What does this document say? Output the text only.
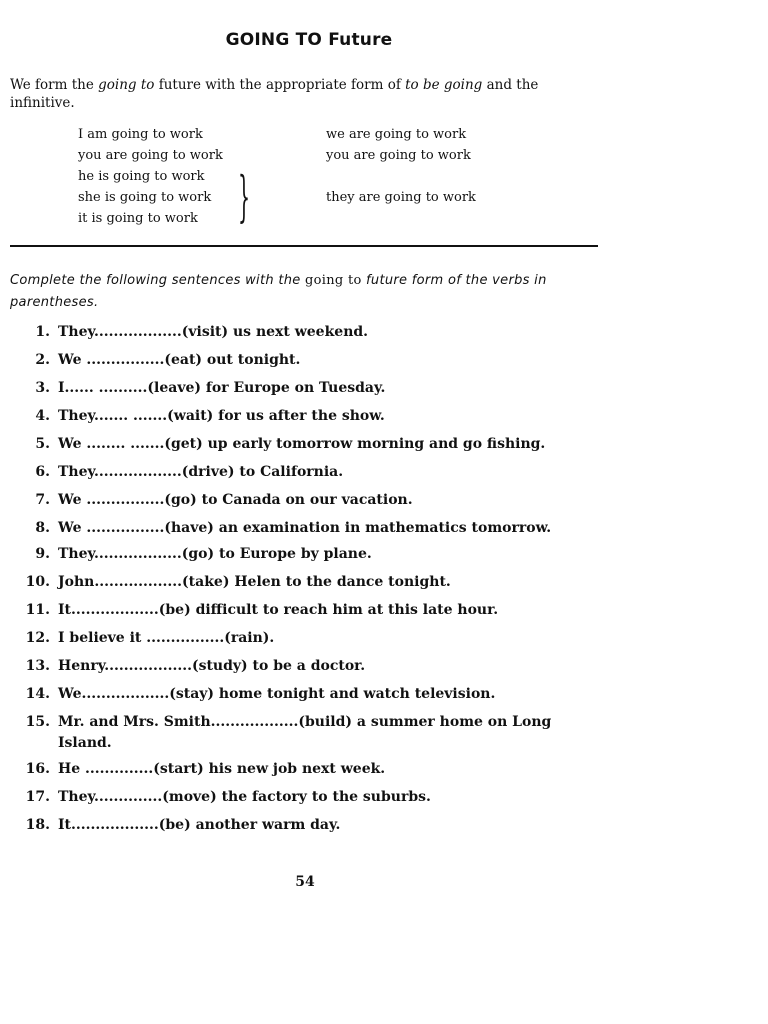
GOING TO Future
We form the going to future with the appropriate form of to be going and the infinitive.
I am going to work
you are going to work
he is going to work
she is going to work
it is going to work }
we are going to work
you are going to work
they are going to work
Complete the following sentences with the going to future form of the verbs in parentheses.
1. They..................(visit) us next weekend.
2. We ................(eat) out tonight.
3. I...... ..........(leave) for Europe on Tuesday.
4. They....... .......(wait) for us after the show.
5. We ........ .......(get) up early tomorrow morning and go fishing.
6. They..................(drive) to California.
7. We ................(go) to Canada on our vacation.
8. We ................(have) an examination in mathematics tomorrow.
9. They..................(go) to Europe by plane.
10. John..................(take) Helen to the dance tonight.
11. It..................(be) difficult to reach him at this late hour.
12. I believe it ................(rain).
13. Henry..................(study) to be a doctor.
14. We..................(stay) home tonight and watch television.
15. Mr. and Mrs. Smith..................(build) a summer home on Long Island.
16. He ..............(start) his new job next week.
17. They..............(move) the factory to the suburbs.
18. It..................(be) another warm day.
54
